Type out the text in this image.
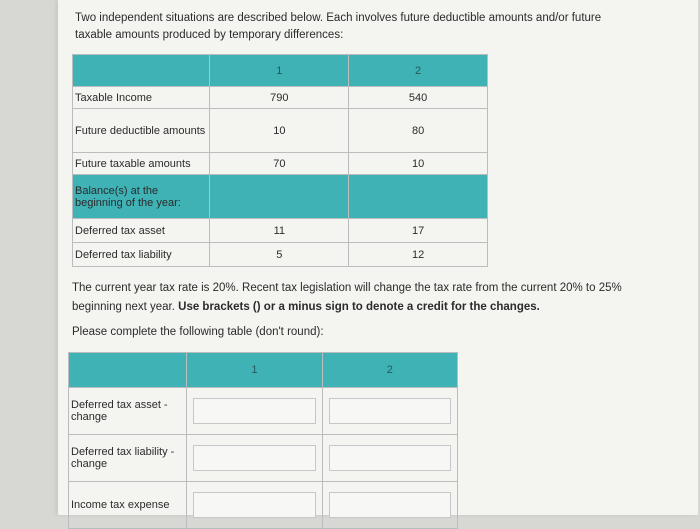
Two independent situations are described below. Each involves future deductible amounts and/or future taxable amounts produced by temporary differences:
	1	2
Taxable Income	790	540
Future deductible amounts	10	80
Future taxable amounts	70	10
Balance(s) at the beginning of the year:		
Deferred tax asset	11	17
Deferred tax liability	5	12
The current year tax rate is 20%. Recent tax legislation will change the tax rate from the current 20% to 25% beginning next year. Use brackets () or a minus sign to denote a credit for the changes.
Please complete the following table (don't round):
	1	2
Deferred tax asset - change	

Deferred tax liability - change	

Income tax expense	
